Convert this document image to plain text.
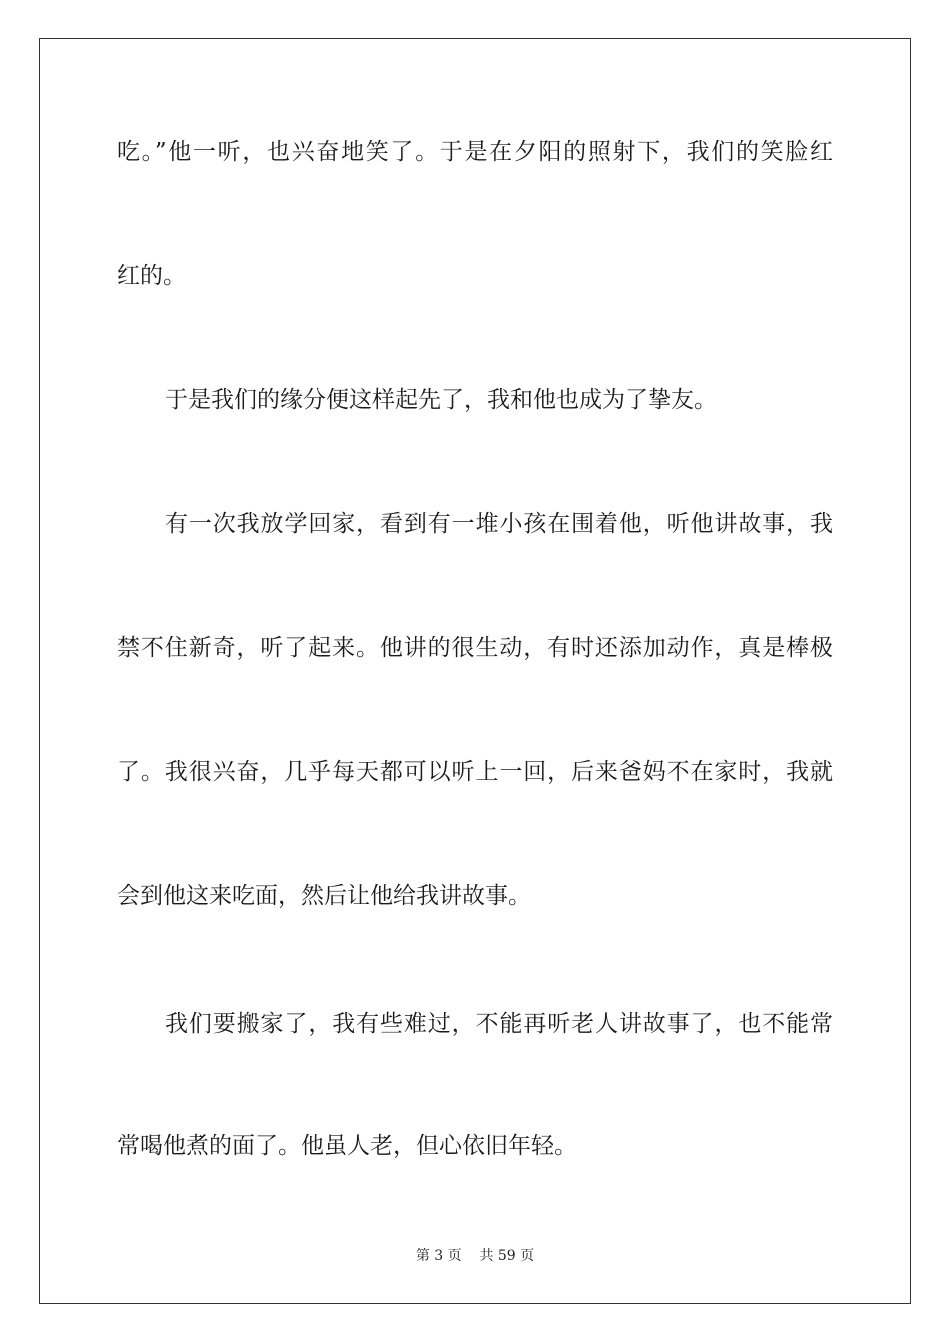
吃。”他一听，也兴奋地笑了。于是在夕阳的照射下，我们的笑脸红
红的。
于是我们的缘分便这样起先了，我和他也成为了挚友。
有一次我放学回家，看到有一堆小孩在围着他，听他讲故事，我
禁不住新奇，听了起来。他讲的很生动，有时还添加动作，真是棒极
了。我很兴奋，几乎每天都可以听上一回，后来爸妈不在家时，我就
会到他这来吃面，然后让他给我讲故事。
我们要搬家了，我有些难过，不能再听老人讲故事了，也不能常
常喝他煮的面了。他虽人老，但心依旧年轻。
第 3 页 共 59 页
